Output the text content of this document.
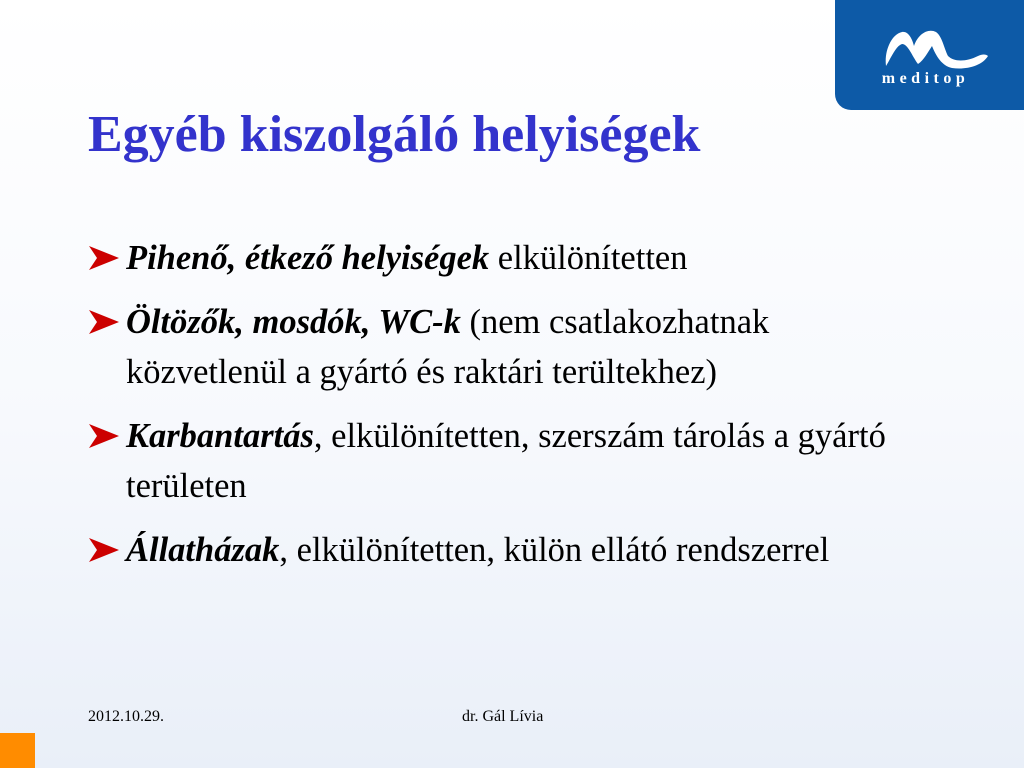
meditop
Egyéb kiszolgáló helyiségek
Pihenő, étkező helyiségek elkülönítetten
Öltözők, mosdók, WC-k (nem csatlakozhatnak közvetlenül a gyártó és raktári terültekhez)
Karbantartás, elkülönítetten, szerszám tárolás a gyártó területen
Állatházak, elkülönítetten, külön ellátó rendszerrel
2012.10.29.	dr. Gál Lívia
